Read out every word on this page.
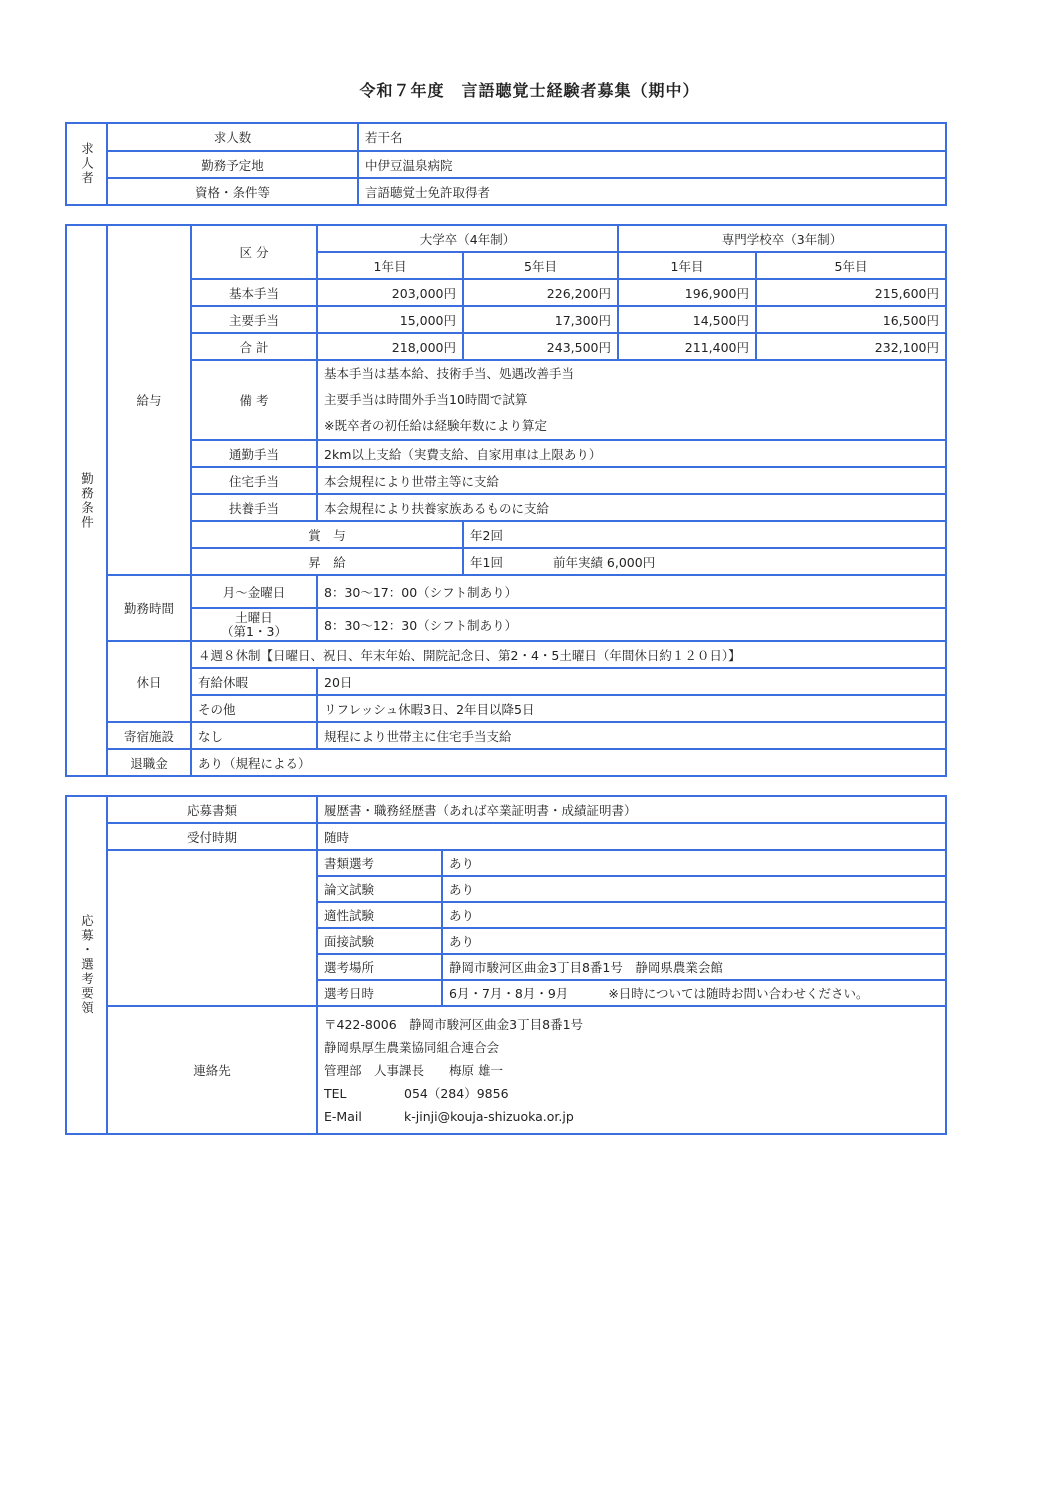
令和７年度　言語聴覚士経験者募集（期中）
求人者	求人数	若干名
	勤務予定地	中伊豆温泉病院
	資格・条件等	言語聴覚士免許取得者
勤務条件	給与	区 分	大学卒（4年制）		専門学校卒（3年制）	
			1年目	5年目	1年目	5年目
		基本手当	203,000円	226,200円	196,900円	215,600円
		主要手当	15,000円	17,300円	14,500円	16,500円
		合 計	218,000円	243,500円	211,400円	232,100円
		備 考	基本手当は基本給、技術手当、処遇改善手当
主要手当は時間外手当10時間で試算
※既卒者の初任給は経験年数により算定			

		通勤手当	2km以上支給（実費支給、自家用車は上限あり）			
		住宅手当	本会規程により世帯主等に支給			
		扶養手当	本会規程により扶養家族あるものに支給			
		賞　与		年2回		
		昇　給		年1回 前年実績 6,000円		
	勤務時間	月～金曜日	8：30～17：00（シフト制あり）			

		土曜日
（第1・3）	8：30～12：30（シフト制あり）			
	休日	４週８休制【日曜日、祝日、年末年始、開院記念日、第2・4・5土曜日（年間休日約１２０日）】				
		有給休暇	20日			
		その他	リフレッシュ休暇3日、2年目以降5日			
	寄宿施設	なし	規程により世帯主に住宅手当支給			
	退職金	あり（規程による）				
応募・選考要領	応募書類	履歴書・職務経歴書（あれば卒業証明書・成績証明書）	
	受付時期	随時	
		書類選考	あり
		論文試験	あり
		適性試験	あり
		面接試験	あり
		選考場所	静岡市駿河区曲金3丁目8番1号　静岡県農業会館
		選考日時	6月・7月・8月・9月 ※日時については随時お問い合わせください。
	連絡先	〒422-8006　静岡市駿河区曲金3丁目8番1号
静岡県厚生農業協同組合連合会
管理部　人事課長　　梅原 雄一
TEL 054（284）9856
E-Mail k-jinji@kouja-shizuoka.or.jp	
